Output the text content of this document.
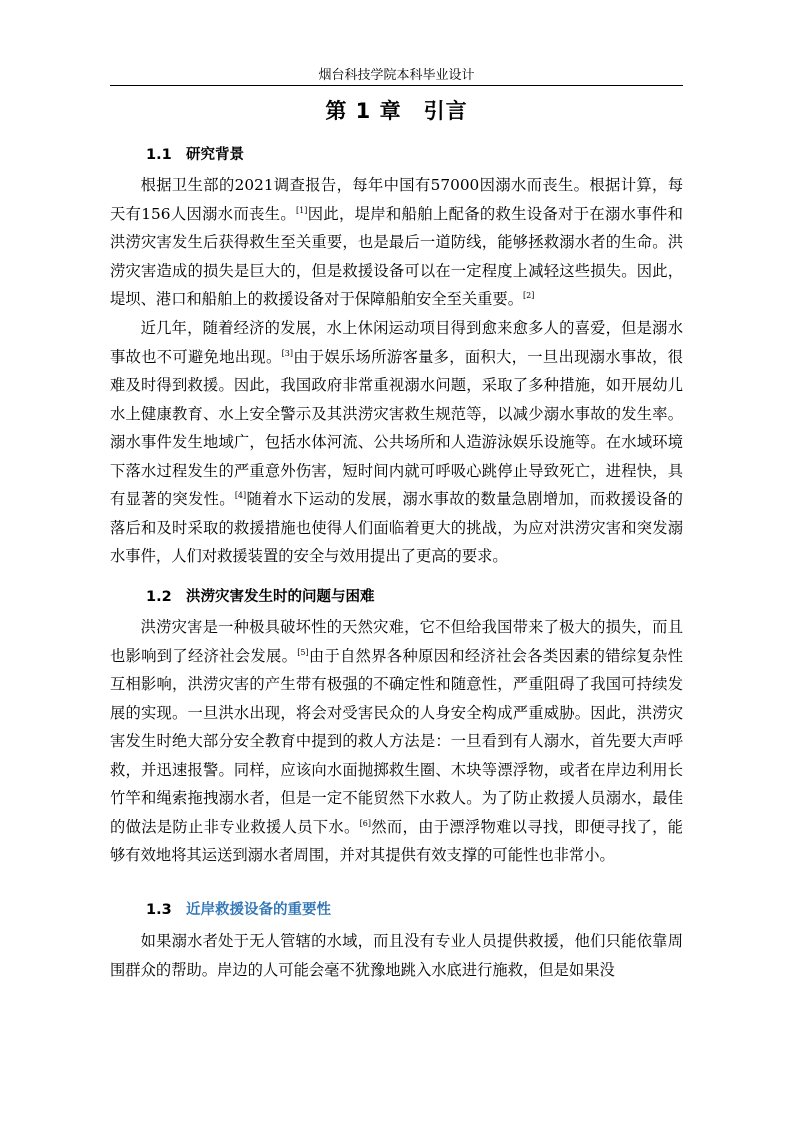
烟台科技学院本科毕业设计
第 1 章 引言
1.1 研究背景

根据卫生部的2021调查报告，每年中国有57000因溺水而丧生。根据计算，每天有156人因溺水而丧生。[1]因此，堤岸和船舶上配备的救生设备对于在溺水事件和洪涝灾害发生后获得救生至关重要，也是最后一道防线，能够拯救溺水者的生命。洪涝灾害造成的损失是巨大的，但是救援设备可以在一定程度上减轻这些损失。因此，堤坝、港口和船舶上的救援设备对于保障船舶安全至关重要。[2]

近几年，随着经济的发展，水上休闲运动项目得到愈来愈多人的喜爱，但是溺水事故也不可避免地出现。[3]由于娱乐场所游客量多，面积大，一旦出现溺水事故，很难及时得到救援。因此，我国政府非常重视溺水问题，采取了多种措施，如开展幼儿水上健康教育、水上安全警示及其洪涝灾害救生规范等，以减少溺水事故的发生率。溺水事件发生地域广，包括水体河流、公共场所和人造游泳娱乐设施等。在水域环境下落水过程发生的严重意外伤害，短时间内就可呼吸心跳停止导致死亡，进程快，具有显著的突发性。[4]随着水下运动的发展，溺水事故的数量急剧增加，而救援设备的落后和及时采取的救援措施也使得人们面临着更大的挑战，为应对洪涝灾害和突发溺水事件，人们对救援装置的安全与效用提出了更高的要求。

1.2 洪涝灾害发生时的问题与困难

洪涝灾害是一种极具破坏性的天然灾难，它不但给我国带来了极大的损失，而且也影响到了经济社会发展。[5]由于自然界各种原因和经济社会各类因素的错综复杂性互相影响，洪涝灾害的产生带有极强的不确定性和随意性，严重阻碍了我国可持续发展的实现。一旦洪水出现，将会对受害民众的人身安全构成严重威胁。因此，洪涝灾害发生时绝大部分安全教育中提到的救人方法是：一旦看到有人溺水，首先要大声呼救，并迅速报警。同样，应该向水面抛掷救生圈、木块等漂浮物，或者在岸边利用长竹竿和绳索拖拽溺水者，但是一定不能贸然下水救人。为了防止救援人员溺水，最佳的做法是防止非专业救援人员下水。[6]然而，由于漂浮物难以寻找，即便寻找了，能够有效地将其运送到溺水者周围，并对其提供有效支撑的可能性也非常小。

1.3 近岸救援设备的重要性

如果溺水者处于无人管辖的水域，而且没有专业人员提供救援，他们只能依靠周围群众的帮助。岸边的人可能会毫不犹豫地跳入水底进行施救，但是如果没
